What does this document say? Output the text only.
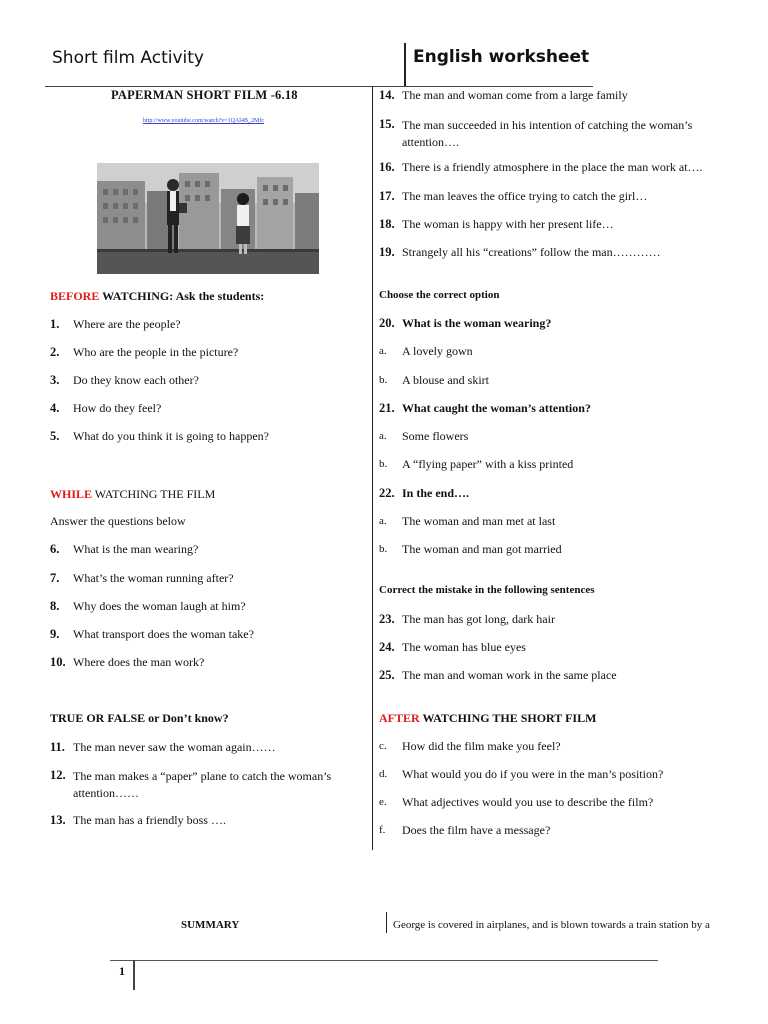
Short film Activity	English worksheet
PAPERMAN SHORT FILM -6.18
http://www.youtube.com/watch?v=1QAl4B_2Mfc
BEFORE WATCHING: Ask the students:
1. Where are the people?
2. Who are the people in the picture?
3. Do they know each other?
4. How do they feel?
5. What do you think it is going to happen?
WHILE WATCHING THE FILM
Answer the questions below
6. What is the man wearing?
7. What’s the woman running after?
8. Why does the woman laugh at him?
9. What transport does the woman take?
10. Where does the man work?
TRUE OR FALSE or Don’t know?
11. The man never saw the woman again……
12. The man makes a “paper” plane to catch the woman’s attention……
13. The man has a friendly boss ….
14. The man and woman come from a large family
15. The man succeeded in his intention of catching the woman’s attention….
16. There is a friendly atmosphere in the place the man work at….
17. The man leaves the office trying to catch the girl…
18. The woman is happy with her present life…
19. Strangely all his “creations” follow the man…………
Choose the correct option
20. What is the woman wearing?
a. A lovely gown
b. A blouse and skirt
21. What caught the woman’s attention?
a. Some flowers
b. A “flying paper” with a kiss printed
22. In the end….
a. The woman and man met at last
b. The woman and man got married
Correct the mistake in the following sentences
23. The man has got long, dark hair
24. The woman has blue eyes
25. The man and woman work in the same place
AFTER WATCHING THE SHORT FILM
c. How did the film make you feel?
d. What would you do if you were in the man’s position?
e. What adjectives would you use to describe the film?
f. Does the film have a message?
SUMMARY	George is covered in airplanes, and is blown towards a train station by a
1
